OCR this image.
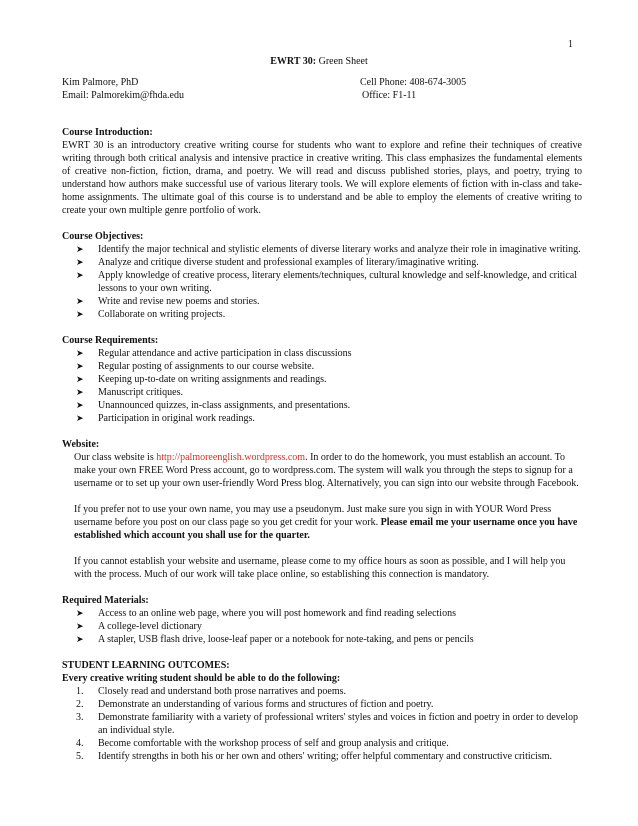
1
EWRT 30: Green Sheet
Kim Palmore, PhD	Cell Phone: 408-674-3005
Email: Palmorekim@fhda.edu	Office: F1-11

Course Introduction:

EWRT 30 is an introductory creative writing course for students who want to explore and refine their techniques of creative writing through both critical analysis and intensive practice in creative writing. This class emphasizes the fundamental elements of creative non-fiction, fiction, drama, and poetry. We will read and discuss published stories, plays, and poetry, trying to understand how authors make successful use of various literary tools. We will explore elements of fiction with in-class and take-home assignments. The ultimate goal of this course is to understand and be able to employ the elements of creative writing to create your own multiple genre portfolio of work.

Course Objectives:

➤ Identify the major technical and stylistic elements of diverse literary works and analyze their role in imaginative writing.
➤ Analyze and critique diverse student and professional examples of literary/imaginative writing.
➤ Apply knowledge of creative process, literary elements/techniques, cultural knowledge and self-knowledge, and critical lessons to your own writing.
➤ Write and revise new poems and stories.
➤ Collaborate on writing projects.

Course Requirements:

➤ Regular attendance and active participation in class discussions
➤ Regular posting of assignments to our course website.
➤ Keeping up-to-date on writing assignments and readings.
➤ Manuscript critiques.
➤ Unannounced quizzes, in-class assignments, and presentations.
➤ Participation in original work readings.

Website:

Our class website is http://palmoreenglish.wordpress.com. In order to do the homework, you must establish an account. To make your own FREE Word Press account, go to wordpress.com. The system will walk you through the steps to signup for a username or to set up your own user-friendly Word Press blog. Alternatively, you can sign into our website through Facebook.

If you prefer not to use your own name, you may use a pseudonym. Just make sure you sign in with YOUR Word Press username before you post on our class page so you get credit for your work. Please email me your username once you have established which account you shall use for the quarter.

If you cannot establish your website and username, please come to my office hours as soon as possible, and I will help you with the process. Much of our work will take place online, so establishing this connection is mandatory.

Required Materials:

➤ Access to an online web page, where you will post homework and find reading selections
➤ A college-level dictionary
➤ A stapler, USB flash drive, loose-leaf paper or a notebook for note-taking, and pens or pencils

STUDENT LEARNING OUTCOMES:

Every creative writing student should be able to do the following:

1. Closely read and understand both prose narratives and poems.
2. Demonstrate an understanding of various forms and structures of fiction and poetry.
3. Demonstrate familiarity with a variety of professional writers' styles and voices in fiction and poetry in order to develop an individual style.
4. Become comfortable with the workshop process of self and group analysis and critique.
5. Identify strengths in both his or her own and others' writing; offer helpful commentary and constructive criticism.
